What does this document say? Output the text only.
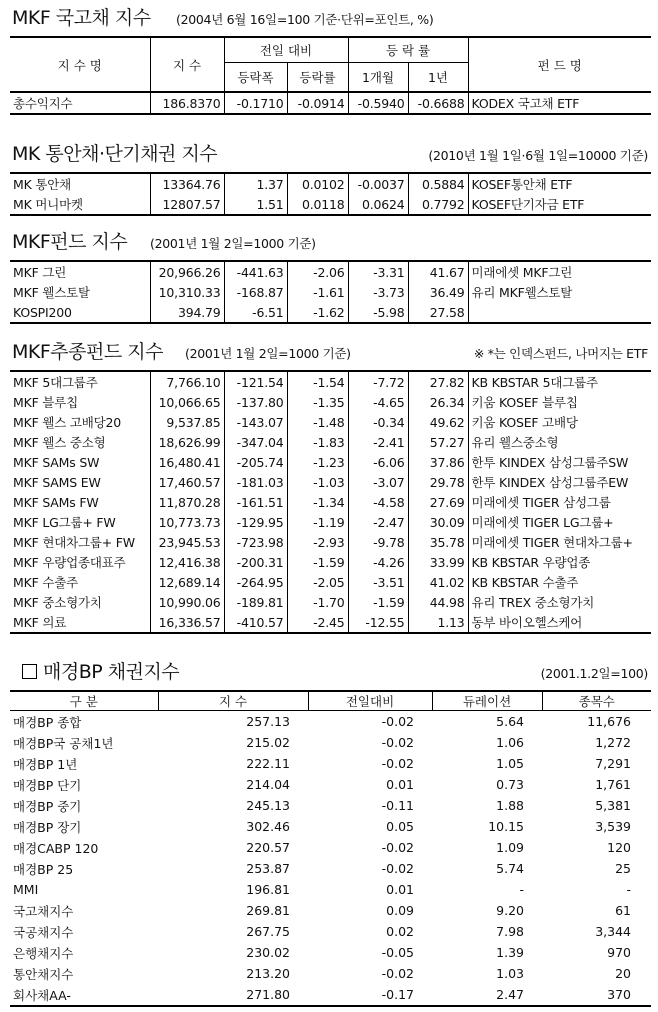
MKF 국고채 지수 (2004년 6월 16일=100 기준·단위=포인트, %)
지 수 명	지 수	전일 대비		등 락 률		펀 드 명
		등락폭	등락률	1개월	1년	
총수익지수	186.8370	-0.1710	-0.0914	-0.5940	-0.6688	KODEX 국고채 ETF
MK 통안채·단기채권 지수	(2010년 1월 1일·6월 1일=10000 기준)
MK 통안채	13364.76	1.37	0.0102	-0.0037	0.5884	KOSEF통안채 ETF
MK 머니마켓	12807.57	1.51	0.0118	0.0624	0.7792	KOSEF단기자금 ETF
MKF펀드 지수 (2001년 1월 2일=1000 기준)
MKF 그린	20,966.26	-441.63	-2.06	-3.31	41.67	미래에셋 MKF그린
MKF 웰스토탈	10,310.33	-168.87	-1.61	-3.73	36.49	유리 MKF웰스토탈
KOSPI200	394.79	-6.51	-1.62	-5.98	27.58	
MKF추종펀드 지수 (2001년 1월 2일=1000 기준)	※ *는 인덱스펀드, 나머지는 ETF
MKF 5대그룹주	7,766.10	-121.54	-1.54	-7.72	27.82	KB KBSTAR 5대그룹주
MKF 블루칩	10,066.65	-137.80	-1.35	-4.65	26.34	키움 KOSEF 블루칩
MKF 웰스 고배당20	9,537.85	-143.07	-1.48	-0.34	49.62	키움 KOSEF 고배당
MKF 웰스 중소형	18,626.99	-347.04	-1.83	-2.41	57.27	유리 웰스중소형
MKF SAMs SW	16,480.41	-205.74	-1.23	-6.06	37.86	한투 KINDEX 삼성그룹주SW
MKF SAMS EW	17,460.57	-181.03	-1.03	-3.07	29.78	한투 KINDEX 삼성그룹주EW
MKF SAMs FW	11,870.28	-161.51	-1.34	-4.58	27.69	미래에셋 TIGER 삼성그룹
MKF LG그룹+ FW	10,773.73	-129.95	-1.19	-2.47	30.09	미래에셋 TIGER LG그룹+
MKF 현대차그룹+ FW	23,945.53	-723.98	-2.93	-9.78	35.78	미래에셋 TIGER 현대차그룹+
MKF 우량업종대표주	12,416.38	-200.31	-1.59	-4.26	33.99	KB KBSTAR 우량업종
MKF 수출주	12,689.14	-264.95	-2.05	-3.51	41.02	KB KBSTAR 수출주
MKF 중소형가치	10,990.06	-189.81	-1.70	-1.59	44.98	유리 TREX 중소형가치
MKF 의료	16,336.57	-410.57	-2.45	-12.55	1.13	동부 바이오헬스케어
매경BP 채권지수	(2001.1.2일=100)
구 분	지 수	전일대비	듀레이션	종목수
매경BP 종합	257.13	-0.02	5.64	11,676
매경BP국 공채1년	215.02	-0.02	1.06	1,272
매경BP 1년	222.11	-0.02	1.05	7,291
매경BP 단기	214.04	0.01	0.73	1,761
매경BP 중기	245.13	-0.11	1.88	5,381
매경BP 장기	302.46	0.05	10.15	3,539
매경CABP 120	220.57	-0.02	1.09	120
매경BP 25	253.87	-0.02	5.74	25
MMI	196.81	0.01	-	-
국고채지수	269.81	0.09	9.20	61
국공채지수	267.75	0.02	7.98	3,344
은행채지수	230.02	-0.05	1.39	970
통안채지수	213.20	-0.02	1.03	20
회사채AA-	271.80	-0.17	2.47	370
